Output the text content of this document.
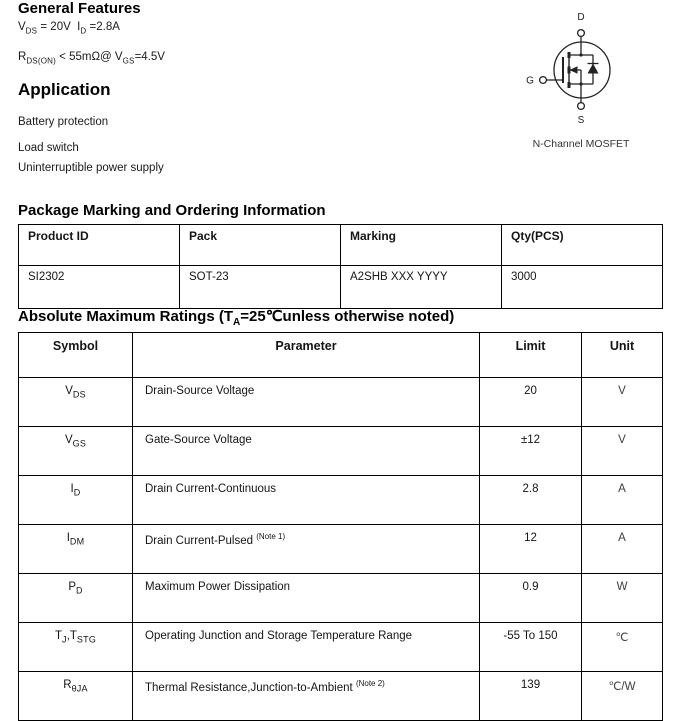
General Features
$V_{DS} = 20V$  $I_D =2.8A$
$R_{DS(ON)}$ < 55mΩ@ $V_{GS}=4.5V$
Application
Battery protection
Load switch
Uninterruptible power supply
D
G
S
N-Channel MOSFET
Package Marking and Ordering Information
Product ID	Pack	Marking	Qty(PCS)
SI2302	SOT-23	A2SHB XXX YYYY	3000
Absolute Maximum Ratings ($T_A=25℃unless$ otherwise noted)
Symbol	Parameter	Limit	Unit
$V_{DS}$	Drain-Source Voltage	20	V
$V_{GS}$	Gate-Source Voltage	±12	V
$I_D$	Drain Current-Continuous	2.8	A
$I_{DM}$	Drain Current-Pulsed $^{(Note 1)}$	12	A
$P_D$	Maximum Power Dissipation	0.9	W
$T_J,T_{STG}$	Operating Junction and Storage Temperature Range	-55 To 150	℃
$R_{\theta JA}$	Thermal Resistance,Junction-to-Ambient $^{(Note 2)}$	139	℃/W
